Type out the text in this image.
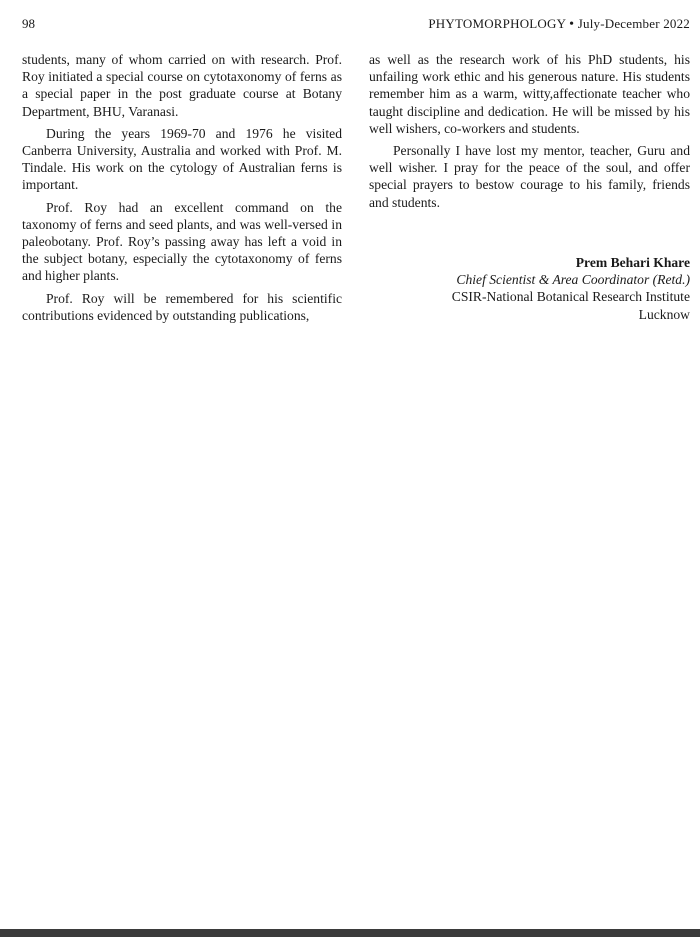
98	PHYTOMORPHOLOGY • July-December 2022

students, many of whom carried on with research. Prof. Roy initiated a special course on cytotaxonomy of ferns as a special paper in the post graduate course at Botany Department, BHU, Varanasi.

During the years 1969-70 and 1976 he visited Canberra University, Australia and worked with Prof. M. Tindale. His work on the cytology of Australian ferns is important.

Prof. Roy had an excellent command on the taxonomy of ferns and seed plants, and was well-versed in paleobotany. Prof. Roy’s passing away has left a void in the subject botany, especially the cytotaxonomy of ferns and higher plants.

Prof. Roy will be remembered for his scientific contributions evidenced by outstanding publications,

as well as the research work of his PhD students, his unfailing work ethic and his generous nature. His students remember him as a warm, witty,affectionate teacher who taught discipline and dedication. He will be missed by his well wishers, co-workers and students.

Personally I have lost my mentor, teacher, Guru and well wisher. I pray for the peace of the soul, and offer special prayers to bestow courage to his family, friends and students.

Prem Behari Khare
Chief Scientist & Area Coordinator (Retd.)
CSIR-National Botanical Research Institute
Lucknow
